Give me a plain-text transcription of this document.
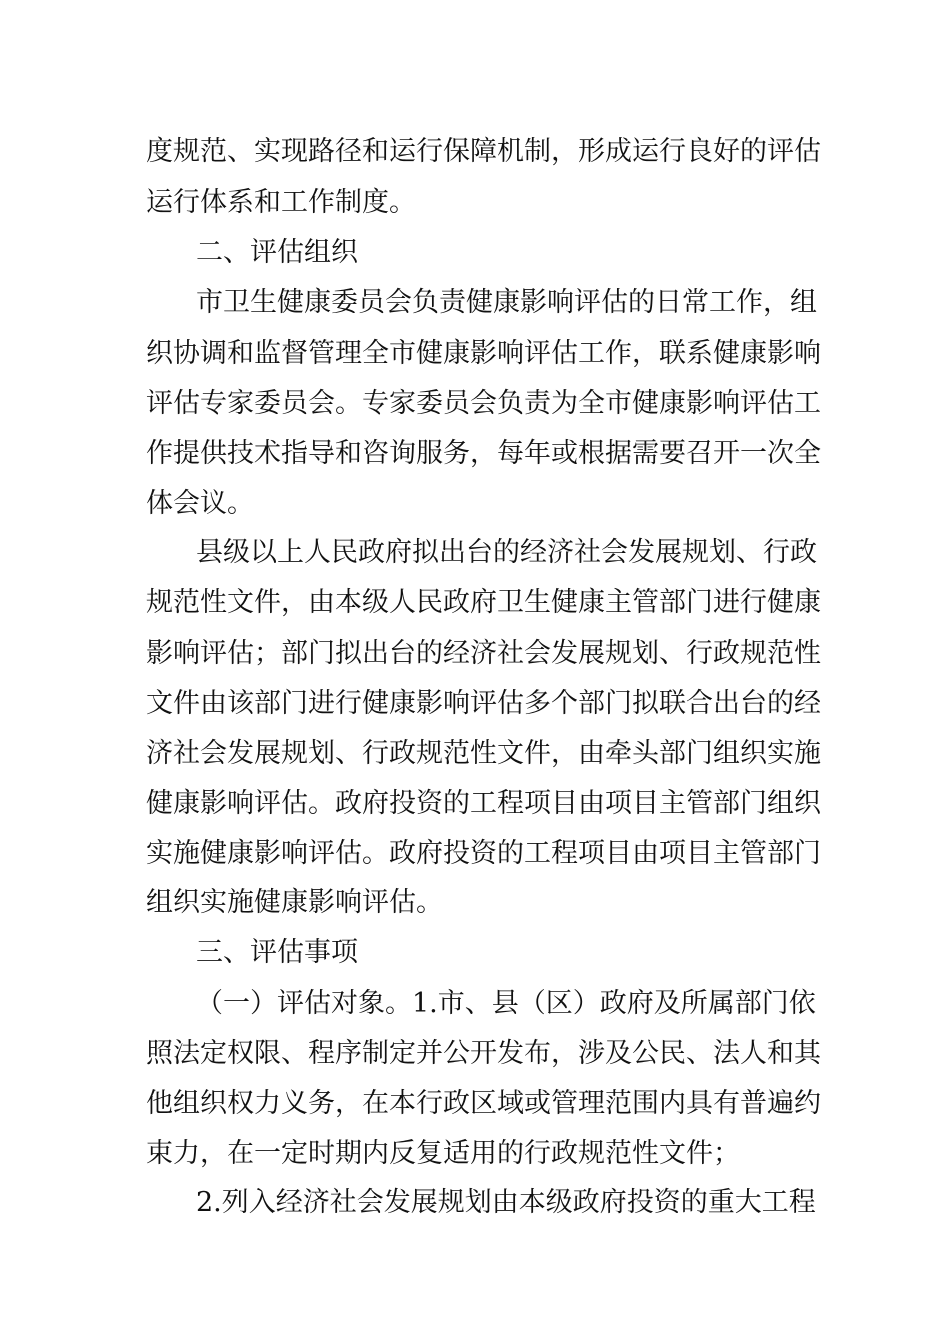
度规范、实现路径和运行保障机制，形成运行良好的评估
运行体系和工作制度。
二、评估组织
市卫生健康委员会负责健康影响评估的日常工作，组
织协调和监督管理全市健康影响评估工作，联系健康影响
评估专家委员会。专家委员会负责为全市健康影响评估工
作提供技术指导和咨询服务，每年或根据需要召开一次全
体会议。
县级以上人民政府拟出台的经济社会发展规划、行政
规范性文件，由本级人民政府卫生健康主管部门进行健康
影响评估；部门拟出台的经济社会发展规划、行政规范性
文件由该部门进行健康影响评估多个部门拟联合出台的经
济社会发展规划、行政规范性文件，由牵头部门组织实施
健康影响评估。政府投资的工程项目由项目主管部门组织
实施健康影响评估。政府投资的工程项目由项目主管部门
组织实施健康影响评估。
三、评估事项
（一）评估对象。1.市、县（区）政府及所属部门依
照法定权限、程序制定并公开发布，涉及公民、法人和其
他组织权力义务，在本行政区域或管理范围内具有普遍约
束力，在一定时期内反复适用的行政规范性文件；
2.列入经济社会发展规划由本级政府投资的重大工程
